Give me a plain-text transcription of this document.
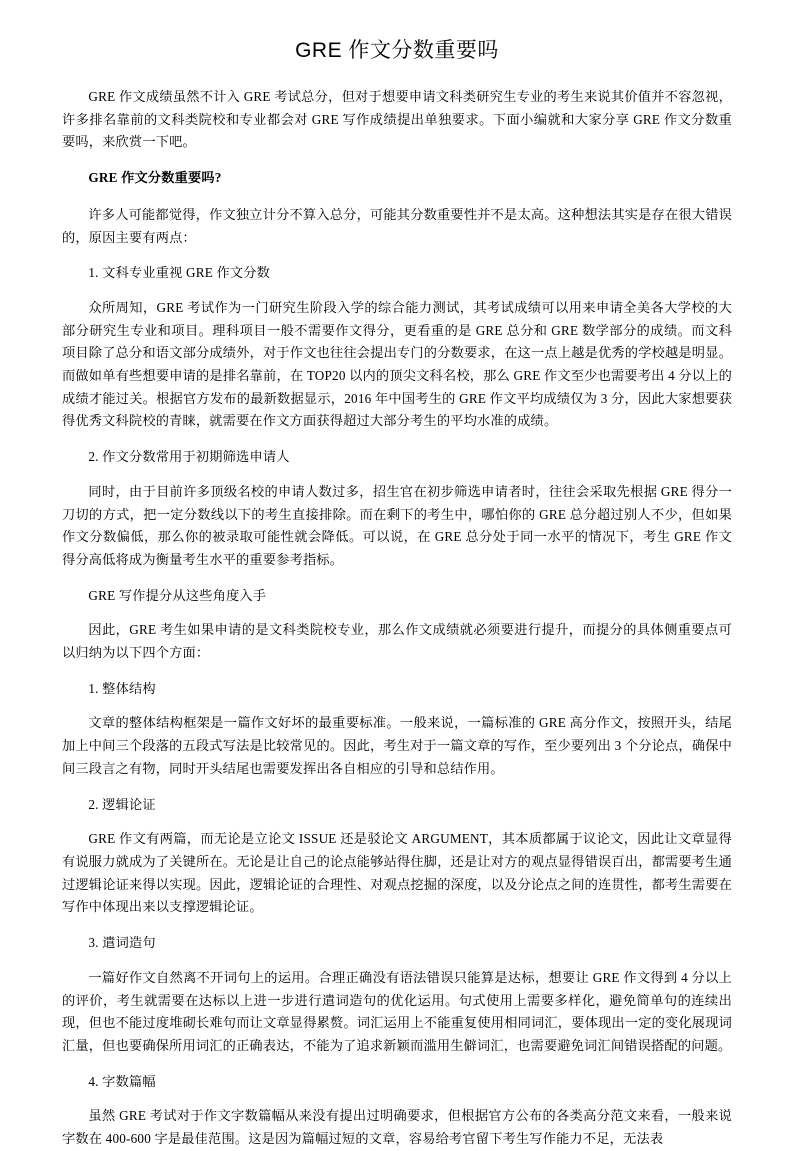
GRE 作文分数重要吗

GRE 作文成绩虽然不计入 GRE 考试总分，但对于想要申请文科类研究生专业的考生来说其价值并不容忽视，许多排名靠前的文科类院校和专业都会对 GRE 写作成绩提出单独要求。下面小编就和大家分享 GRE 作文分数重要吗，来欣赏一下吧。

GRE 作文分数重要吗?

许多人可能都觉得，作文独立计分不算入总分，可能其分数重要性并不是太高。这种想法其实是存在很大错误的，原因主要有两点：

1. 文科专业重视 GRE 作文分数

众所周知，GRE 考试作为一门研究生阶段入学的综合能力测试，其考试成绩可以用来申请全美各大学校的大部分研究生专业和项目。理科项目一般不需要作文得分，更看重的是 GRE 总分和 GRE 数学部分的成绩。而文科项目除了总分和语文部分成绩外，对于作文也往往会提出专门的分数要求，在这一点上越是优秀的学校越是明显。而做如单有些想要申请的是排名靠前，在 TOP20 以内的顶尖文科名校，那么 GRE 作文至少也需要考出 4 分以上的成绩才能过关。根据官方发布的最新数据显示，2016 年中国考生的 GRE 作文平均成绩仅为 3 分，因此大家想要获得优秀文科院校的青睐，就需要在作文方面获得超过大部分考生的平均水准的成绩。

2. 作文分数常用于初期筛选申请人

同时，由于目前许多顶级名校的申请人数过多，招生官在初步筛选申请者时，往往会采取先根据 GRE 得分一刀切的方式，把一定分数线以下的考生直接排除。而在剩下的考生中，哪怕你的 GRE 总分超过别人不少，但如果作文分数偏低，那么你的被录取可能性就会降低。可以说，在 GRE 总分处于同一水平的情况下，考生 GRE 作文得分高低将成为衡量考生水平的重要参考指标。

GRE 写作提分从这些角度入手

因此，GRE 考生如果申请的是文科类院校专业，那么作文成绩就必须要进行提升，而提分的具体侧重要点可以归纳为以下四个方面：

1. 整体结构

文章的整体结构框架是一篇作文好坏的最重要标准。一般来说，一篇标准的 GRE 高分作文，按照开头，结尾加上中间三个段落的五段式写法是比较常见的。因此，考生对于一篇文章的写作，至少要列出 3 个分论点，确保中间三段言之有物，同时开头结尾也需要发挥出各自相应的引导和总结作用。

2. 逻辑论证

GRE 作文有两篇，而无论是立论文 ISSUE 还是驳论文 ARGUMENT，其本质都属于议论文，因此让文章显得有说服力就成为了关键所在。无论是让自己的论点能够站得住脚，还是让对方的观点显得错误百出，都需要考生通过逻辑论证来得以实现。因此，逻辑论证的合理性、对观点挖掘的深度，以及分论点之间的连贯性，都考生需要在写作中体现出来以支撑逻辑论证。

3. 遣词造句

一篇好作文自然离不开词句上的运用。合理正确没有语法错误只能算是达标，想要让 GRE 作文得到 4 分以上的评价，考生就需要在达标以上进一步进行遣词造句的优化运用。句式使用上需要多样化，避免简单句的连续出现，但也不能过度堆砌长难句而让文章显得累赘。词汇运用上不能重复使用相同词汇，要体现出一定的变化展现词汇量，但也要确保所用词汇的正确表达，不能为了追求新颖而滥用生僻词汇，也需要避免词汇间错误搭配的问题。

4. 字数篇幅

虽然 GRE 考试对于作文字数篇幅从来没有提出过明确要求，但根据官方公布的各类高分范文来看，一般来说字数在 400-600 字是最佳范围。这是因为篇幅过短的文章，容易给考官留下考生写作能力不足，无法表
